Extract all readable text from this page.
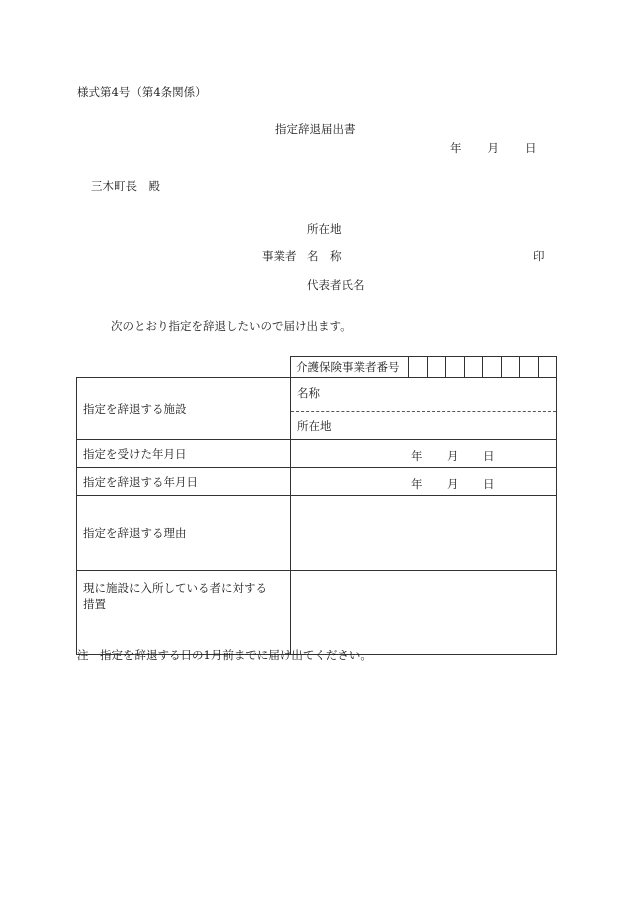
様式第4号（第4条関係）
指定辞退届出書
年 月 日
三木町長　殿
所在地
事業者 名　称	印
代表者氏名
次のとおり指定を辞退したいので届け出ます。
介護保険事業者番号
指定を辞退する施設	名称
	所在地
指定を受けた年月日	年 月 日

指定を辞退する年月日	年 月 日

指定を辞退する理由	

現に施設に入所している者に対する
措置	

注　指定を辞退する日の1月前までに届け出てください。
